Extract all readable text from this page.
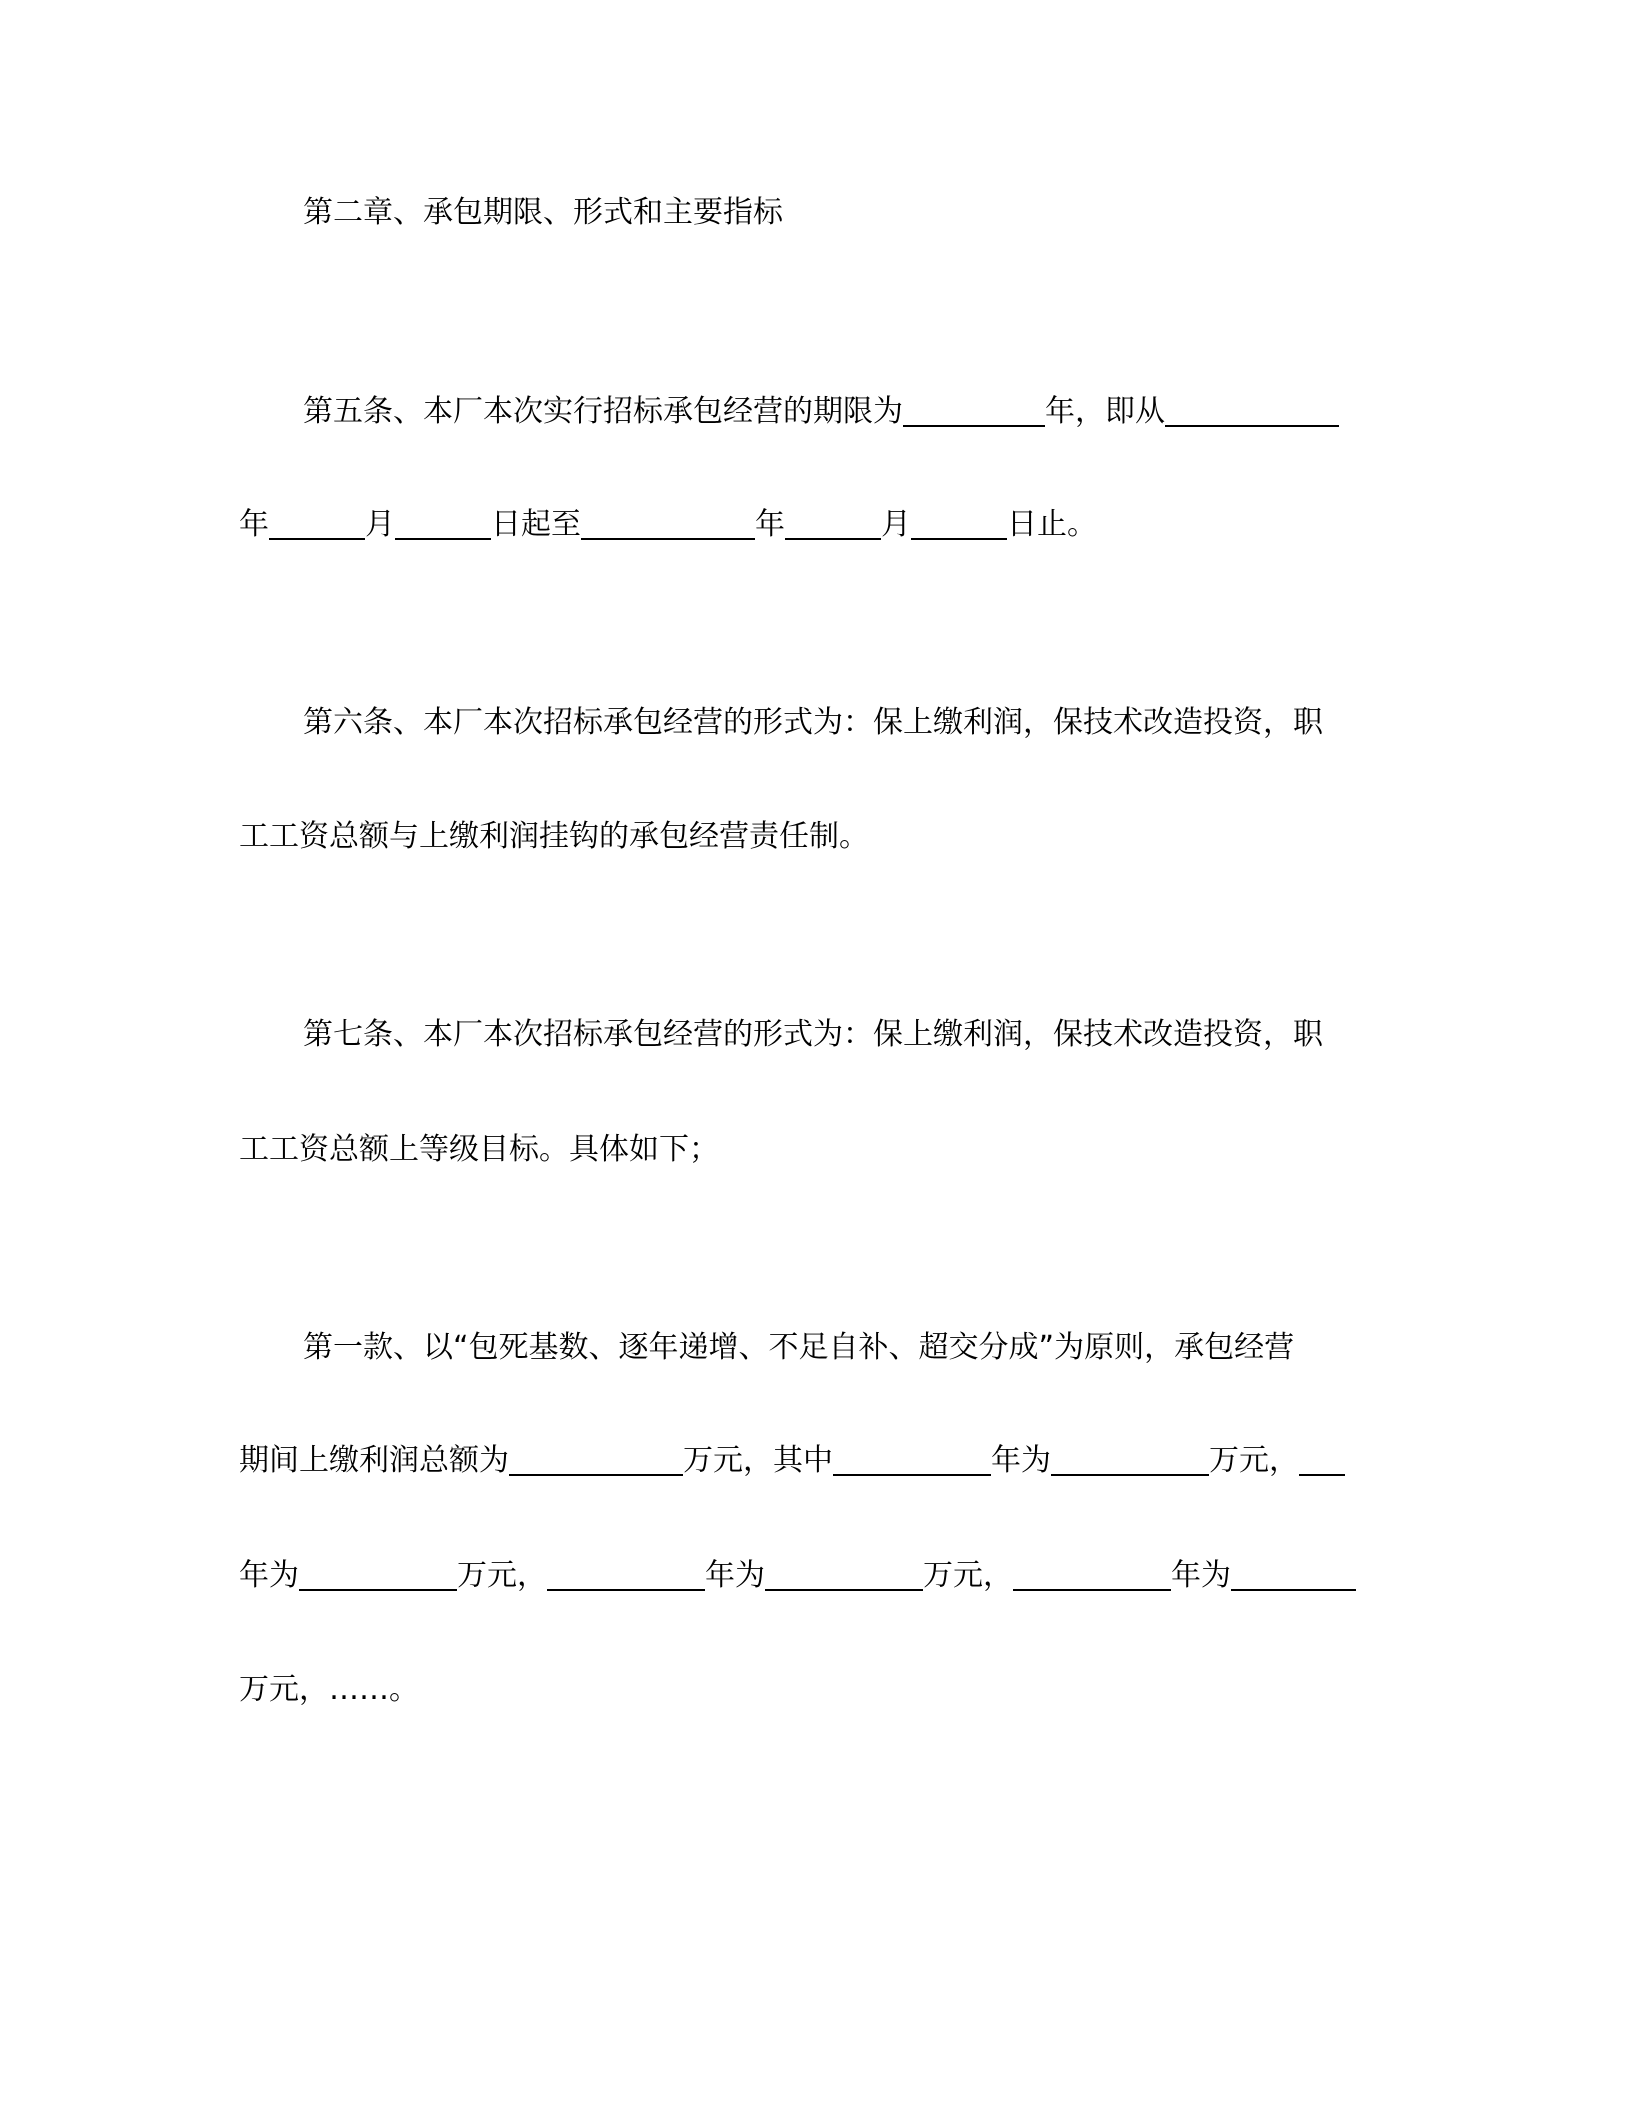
第二章、承包期限、形式和主要指标
第五条、本厂本次实行招标承包经营的期限为	年，即从
年	月	日起至	年	月	日止。
第六条、本厂本次招标承包经营的形式为：保上缴利润，保技术改造投资，职
工工资总额与上缴利润挂钩的承包经营责任制。
第七条、本厂本次招标承包经营的形式为：保上缴利润，保技术改造投资，职
工工资总额上等级目标。具体如下；
第一款、以“包死基数、逐年递增、不足自补、超交分成”为原则，承包经营
期间上缴利润总额为	万元，其中	年为	万元，
年为	万元，	年为	万元，	年为
万元，……。
